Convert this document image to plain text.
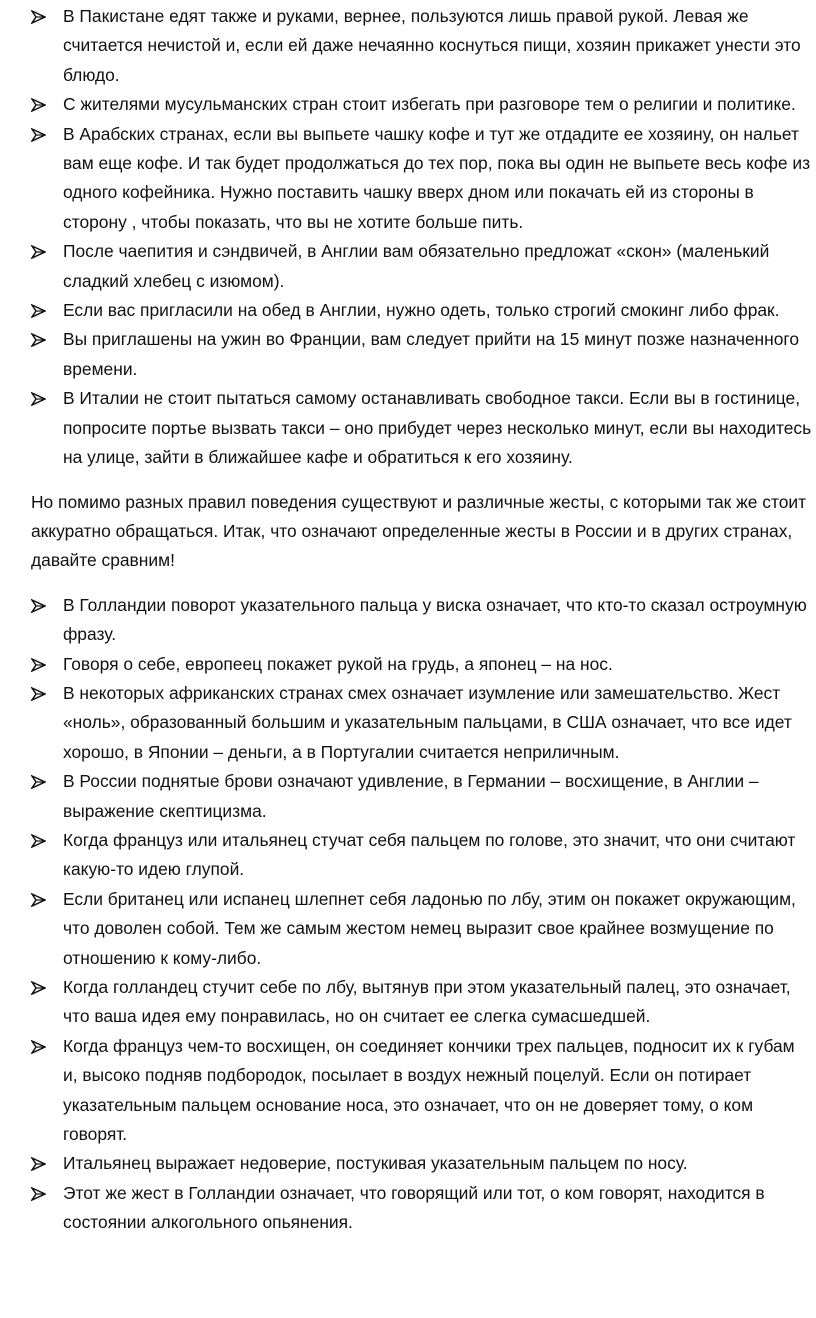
В Пакистане едят также и руками, вернее, пользуются лишь правой рукой. Левая же считается нечистой и, если ей даже нечаянно коснуться пищи, хозяин прикажет унести это блюдо.
С жителями мусульманских стран стоит избегать при разговоре тем о религии и политике.
В Арабских странах, если вы выпьете чашку кофе и тут же отдадите ее хозяину, он нальет вам еще кофе. И так будет продолжаться до тех пор, пока вы один не выпьете весь кофе из одного кофейника. Нужно поставить чашку вверх дном или покачать ей из стороны в сторону , чтобы показать, что вы не хотите больше пить.
После чаепития и сэндвичей, в Англии вам обязательно предложат «скон» (маленький сладкий хлебец с изюмом).
Если вас пригласили на обед в Англии, нужно одеть, только строгий смокинг либо фрак.
Вы приглашены на ужин во Франции, вам следует прийти на 15 минут позже назначенного времени.
В Италии не стоит пытаться самому останавливать свободное такси. Если вы в гостинице, попросите портье вызвать такси – оно прибудет через несколько минут, если вы находитесь на улице, зайти в ближайшее кафе и обратиться к его хозяину.

Но помимо разных правил поведения существуют и различные жесты, с которыми так же стоит аккуратно обращаться. Итак, что означают определенные жесты в России и в других странах, давайте сравним!

В Голландии поворот указательного пальца у виска означает, что кто-то сказал остроумную фразу.
Говоря о себе, европеец покажет рукой на грудь, а японец – на нос.
В некоторых африканских странах смех означает изумление или замешательство. Жест «ноль», образованный большим и указательным пальцами, в США означает, что все идет хорошо, в Японии – деньги, а в Португалии считается неприличным.
В России поднятые брови означают удивление, в Германии – восхищение, в Англии – выражение скептицизма.
Когда француз или итальянец стучат себя пальцем по голове, это значит, что они считают какую-то идею глупой.
Если британец или испанец шлепнет себя ладонью по лбу, этим он покажет окружающим, что доволен собой. Тем же самым жестом немец выразит свое крайнее возмущение по отношению к кому-либо.
Когда голландец стучит себе по лбу, вытянув при этом указательный палец, это означает, что ваша идея ему понравилась, но он считает ее слегка сумасшедшей.
Когда француз чем-то восхищен, он соединяет кончики трех пальцев, подносит их к губам и, высоко подняв подбородок, посылает в воздух нежный поцелуй. Если он потирает указательным пальцем основание носа, это означает, что он не доверяет тому, о ком говорят.
Итальянец выражает недоверие, постукивая указательным пальцем по носу.
Этот же жест в Голландии означает, что говорящий или тот, о ком говорят, находится в состоянии алкогольного опьянения.
